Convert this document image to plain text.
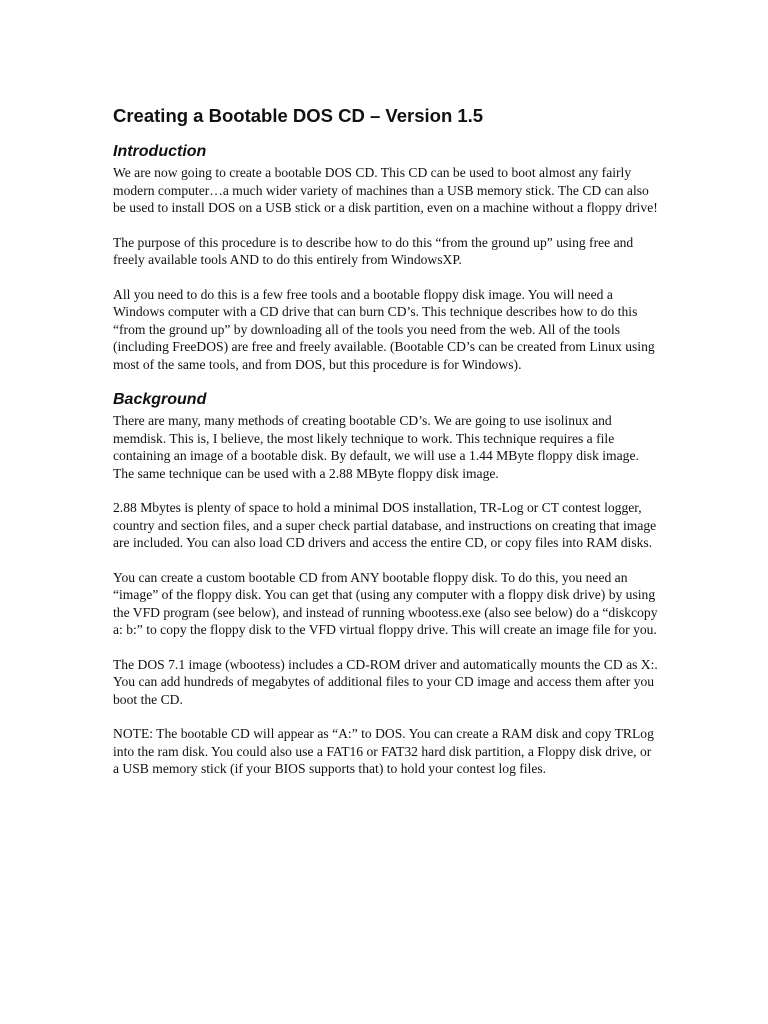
Creating a Bootable DOS CD – Version 1.5
Introduction

We are now going to create a bootable DOS CD. This CD can be used to boot almost any fairly modern computer…a much wider variety of machines than a USB memory stick. The CD can also be used to install DOS on a USB stick or a disk partition, even on a machine without a floppy drive!

The purpose of this procedure is to describe how to do this “from the ground up” using free and freely available tools AND to do this entirely from WindowsXP.

All you need to do this is a few free tools and a bootable floppy disk image. You will need a Windows computer with a CD drive that can burn CD’s. This technique describes how to do this “from the ground up” by downloading all of the tools you need from the web. All of the tools (including FreeDOS) are free and freely available. (Bootable CD’s can be created from Linux using most of the same tools, and from DOS, but this procedure is for Windows).

Background

There are many, many methods of creating bootable CD’s. We are going to use isolinux and memdisk. This is, I believe, the most likely technique to work. This technique requires a file containing an image of a bootable disk. By default, we will use a 1.44 MByte floppy disk image. The same technique can be used with a 2.88 MByte floppy disk image.

2.88 Mbytes is plenty of space to hold a minimal DOS installation, TR-Log or CT contest logger, country and section files, and a super check partial database, and instructions on creating that image are included. You can also load CD drivers and access the entire CD, or copy files into RAM disks.

You can create a custom bootable CD from ANY bootable floppy disk. To do this, you need an “image” of the floppy disk. You can get that (using any computer with a floppy disk drive) by using the VFD program (see below), and instead of running wbootess.exe (also see below) do a “diskcopy a: b:” to copy the floppy disk to the VFD virtual floppy drive. This will create an image file for you.

The DOS 7.1 image (wbootess) includes a CD-ROM driver and automatically mounts the CD as X:. You can add hundreds of megabytes of additional files to your CD image and access them after you boot the CD.

NOTE: The bootable CD will appear as “A:” to DOS. You can create a RAM disk and copy TRLog into the ram disk. You could also use a FAT16 or FAT32 hard disk partition, a Floppy disk drive, or a USB memory stick (if your BIOS supports that) to hold your contest log files.
